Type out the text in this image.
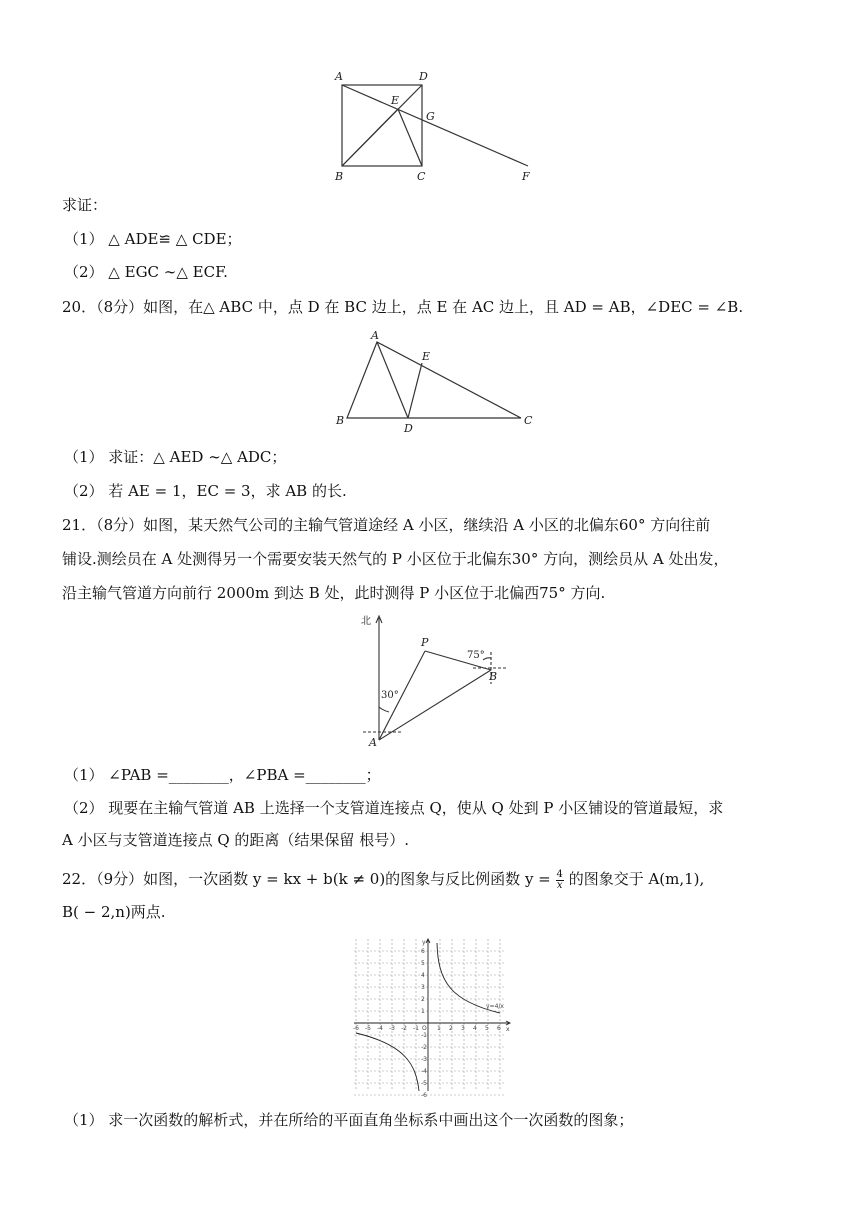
A	D
E
G
B	C	F
求证：
（1） △ ADE≌ △ CDE；
（2） △ EGC ∼△ ECF.
20．（8分）如图，在△ ABC 中，点 D 在 BC 边上，点 E 在 AC 边上，且 AD = AB，∠DEC = ∠B.
A
E
B
D
C
（1） 求证：△ AED ∼△ ADC；
（2） 若 AE = 1，EC = 3，求 AB 的长.
21．（8分）如图，某天然气公司的主输气管道途经 A 小区，继续沿 A 小区的北偏东60° 方向往前
铺设.测绘员在 A 处测得另一个需要安装天然气的 P 小区位于北偏东30° 方向，测绘员从 A 处出发，
沿主输气管道方向前行 2000m 到达 B 处，此时测得 P 小区位于北偏西75° 方向.
北
P
75°
B
30°
A
（1） ∠PAB =________，∠PBA =________；
（2） 现要在主输气管道 AB 上选择一个支管道连接点 Q，使从 Q 处到 P 小区铺设的管道最短，求
A 小区与支管道连接点 Q 的距离（结果保留 根号）.
22．（9分）如图，一次函数 y = kx + b(k ≠ 0)的图象与反比例函数 $y = \frac{4}{x}$ 的图象交于 A(m,1),
B( − 2,n)两点.
x
y
O
y=4/x
-6
-6
-5
-5
-4
-4
-3
-3
-2
-2
-1
-1
1
1
2
2
3
3
4
4
5
5
6
6
（1） 求一次函数的解析式，并在所给的平面直角坐标系中画出这个一次函数的图象；
